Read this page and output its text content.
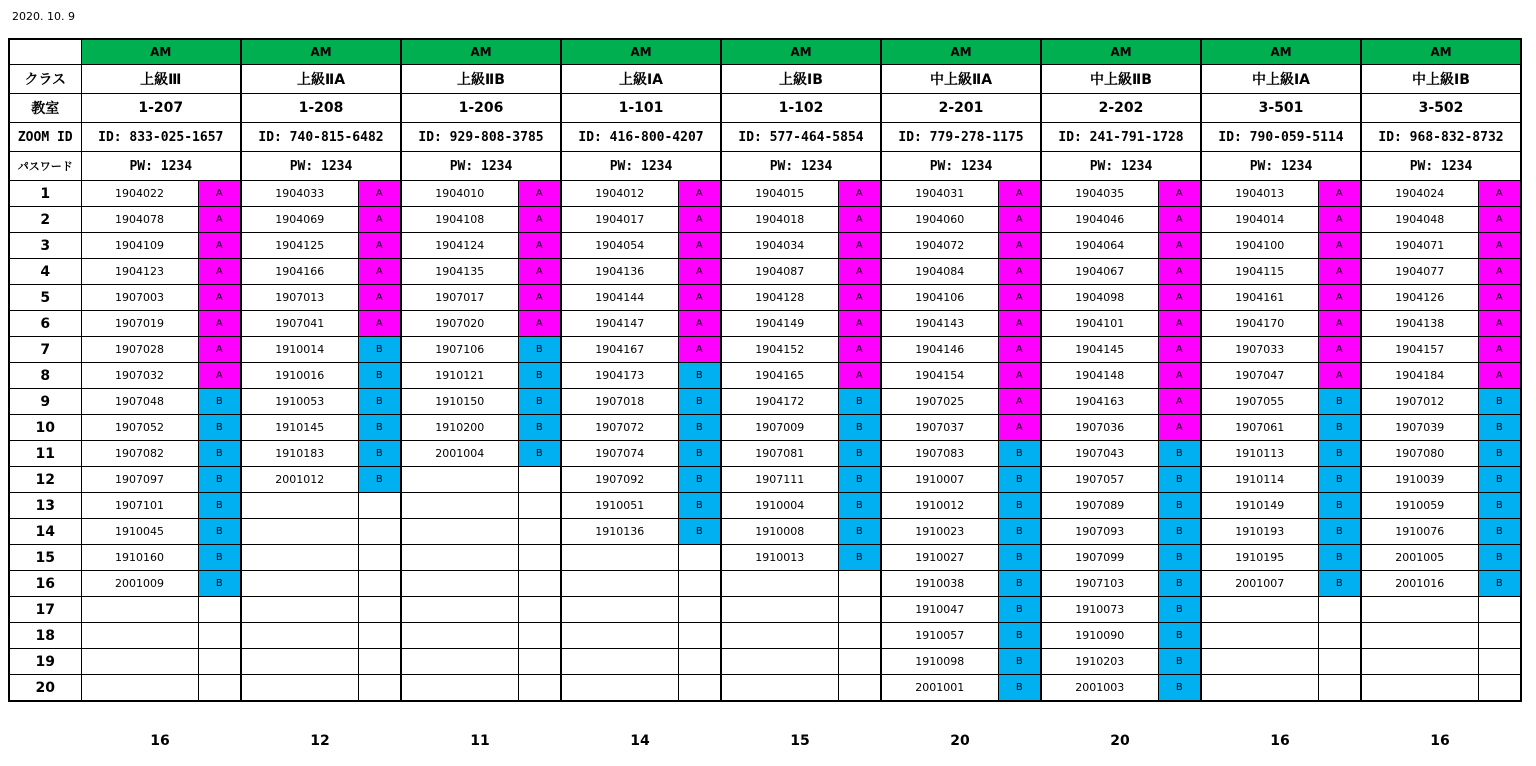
2020. 10. 9
	AM		AM		AM		AM		AM		AM		AM		AM		AM	
クラス	上級Ⅲ		上級ⅡA		上級ⅡB		上級ⅠA		上級ⅠB		中上級ⅡA		中上級ⅡB		中上級ⅠA		中上級ⅠB	
教室	1-207		1-208		1-206		1-101		1-102		2-201		2-202		3-501		3-502	
ZOOM ID	ID: 833-025-1657		ID: 740-815-6482		ID: 929-808-3785		ID: 416-800-4207		ID: 577-464-5854		ID: 779-278-1175		ID: 241-791-1728		ID: 790-059-5114		ID: 968-832-8732	
パスワード	PW: 1234		PW: 1234		PW: 1234		PW: 1234		PW: 1234		PW: 1234		PW: 1234		PW: 1234		PW: 1234	
1	1904022	A	1904033	A	1904010	A	1904012	A	1904015	A	1904031	A	1904035	A	1904013	A	1904024	A
2	1904078	A	1904069	A	1904108	A	1904017	A	1904018	A	1904060	A	1904046	A	1904014	A	1904048	A
3	1904109	A	1904125	A	1904124	A	1904054	A	1904034	A	1904072	A	1904064	A	1904100	A	1904071	A
4	1904123	A	1904166	A	1904135	A	1904136	A	1904087	A	1904084	A	1904067	A	1904115	A	1904077	A
5	1907003	A	1907013	A	1907017	A	1904144	A	1904128	A	1904106	A	1904098	A	1904161	A	1904126	A
6	1907019	A	1907041	A	1907020	A	1904147	A	1904149	A	1904143	A	1904101	A	1904170	A	1904138	A
7	1907028	A	1910014	B	1907106	B	1904167	A	1904152	A	1904146	A	1904145	A	1907033	A	1904157	A
8	1907032	A	1910016	B	1910121	B	1904173	B	1904165	A	1904154	A	1904148	A	1907047	A	1904184	A
9	1907048	B	1910053	B	1910150	B	1907018	B	1904172	B	1907025	A	1904163	A	1907055	B	1907012	B
10	1907052	B	1910145	B	1910200	B	1907072	B	1907009	B	1907037	A	1907036	A	1907061	B	1907039	B
11	1907082	B	1910183	B	2001004	B	1907074	B	1907081	B	1907083	B	1907043	B	1910113	B	1907080	B
12	1907097	B	2001012	B			1907092	B	1907111	B	1910007	B	1907057	B	1910114	B	1910039	B
13	1907101	B					1910051	B	1910004	B	1910012	B	1907089	B	1910149	B	1910059	B
14	1910045	B					1910136	B	1910008	B	1910023	B	1907093	B	1910193	B	1910076	B
15	1910160	B							1910013	B	1910027	B	1907099	B	1910195	B	2001005	B
16	2001009	B									1910038	B	1907103	B	2001007	B	2001016	B
17											1910047	B	1910073	B				
18											1910057	B	1910090	B				
19											1910098	B	1910203	B				
20											2001001	B	2001003	B				
16	12	11	14	15	20	20	16	16
